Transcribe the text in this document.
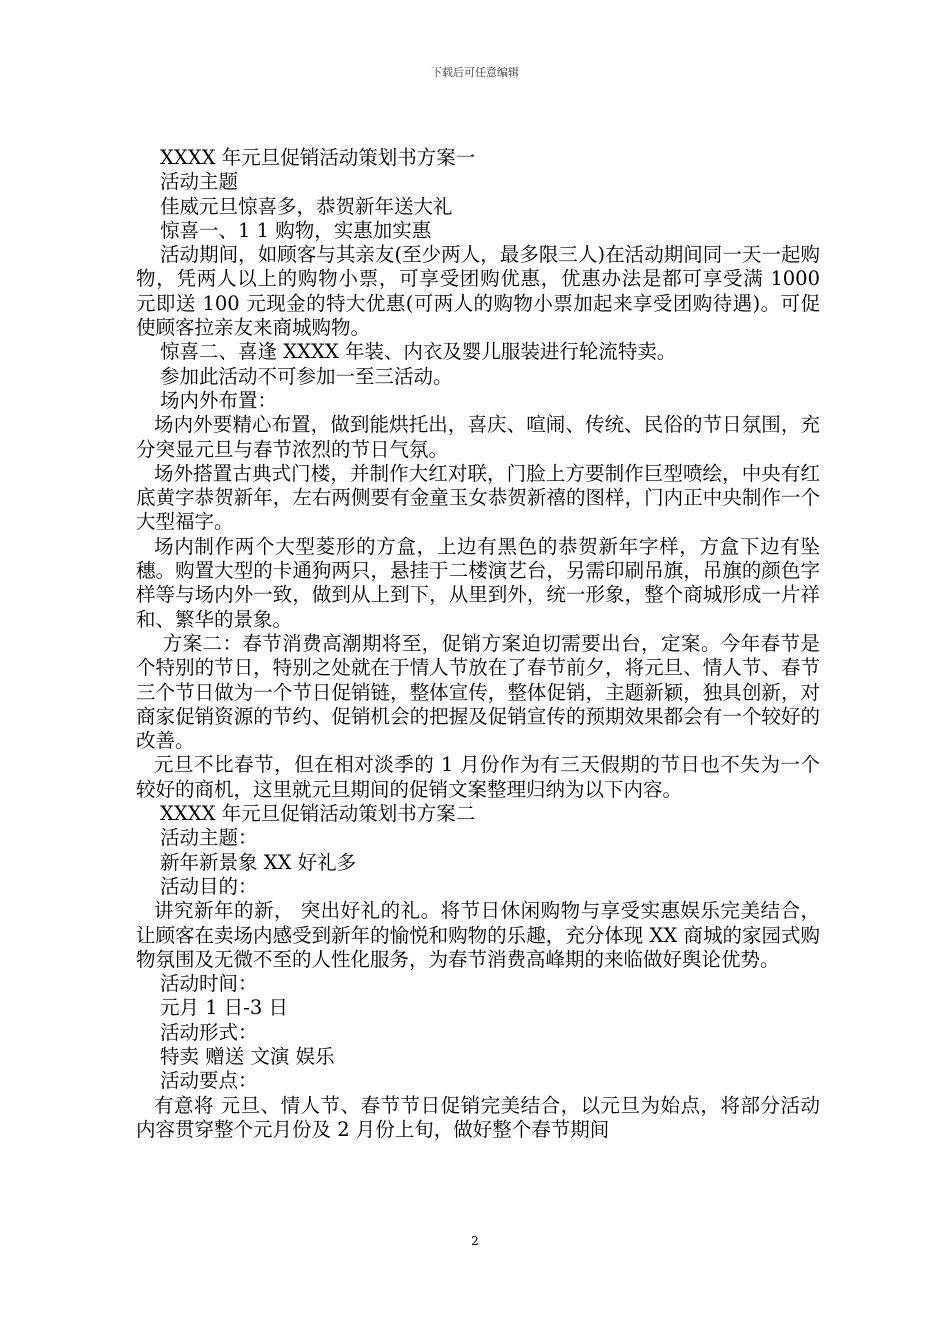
下载后可任意编辑

XXXX 年元旦促销活动策划书方案一

活动主题

佳威元旦惊喜多，恭贺新年送大礼

惊喜一、1 1 购物，实惠加实惠

活动期间，如顾客与其亲友(至少两人，最多限三人)在活动期间同一天一起购物，凭两人以上的购物小票，可享受团购优惠，优惠办法是都可享受满 1000 元即送 100 元现金的特大优惠(可两人的购物小票加起来享受团购待遇)。可促使顾客拉亲友来商城购物。

惊喜二、喜逢 XXXX 年装、内衣及婴儿服装进行轮流特卖。

参加此活动不可参加一至三活动。

场内外布置：

场内外要精心布置，做到能烘托出，喜庆、喧闹、传统、民俗的节日氛围，充分突显元旦与春节浓烈的节日气氛。

场外搭置古典式门楼，并制作大红对联，门脸上方要制作巨型喷绘，中央有红底黄字恭贺新年，左右两侧要有金童玉女恭贺新禧的图样，门内正中央制作一个大型福字。

场内制作两个大型菱形的方盒，上边有黑色的恭贺新年字样，方盒下边有坠穗。购置大型的卡通狗两只，悬挂于二楼演艺台，另需印刷吊旗，吊旗的颜色字样等与场内外一致，做到从上到下，从里到外，统一形象，整个商城形成一片祥和、繁华的景象。

方案二：春节消费高潮期将至，促销方案迫切需要出台，定案。今年春节是个特别的节日，特别之处就在于情人节放在了春节前夕，将元旦、情人节、春节三个节日做为一个节日促销链，整体宣传，整体促销，主题新颖，独具创新，对商家促销资源的节约、促销机会的把握及促销宣传的预期效果都会有一个较好的改善。

元旦不比春节，但在相对淡季的 1 月份作为有三天假期的节日也不失为一个较好的商机，这里就元旦期间的促销文案整理归纳为以下内容。

XXXX 年元旦促销活动策划书方案二

活动主题：

新年新景象 XX 好礼多

活动目的：

讲究新年的新， 突出好礼的礼。将节日休闲购物与享受实惠娱乐完美结合，让顾客在卖场内感受到新年的愉悦和购物的乐趣，充分体现 XX 商城的家园式购物氛围及无微不至的人性化服务，为春节消费高峰期的来临做好舆论优势。

活动时间：

元月 1 日-3 日

活动形式：

特卖 赠送 文演 娱乐

活动要点：

有意将 元旦、情人节、春节节日促销完美结合，以元旦为始点，将部分活动内容贯穿整个元月份及 2 月份上旬，做好整个春节期间

2
